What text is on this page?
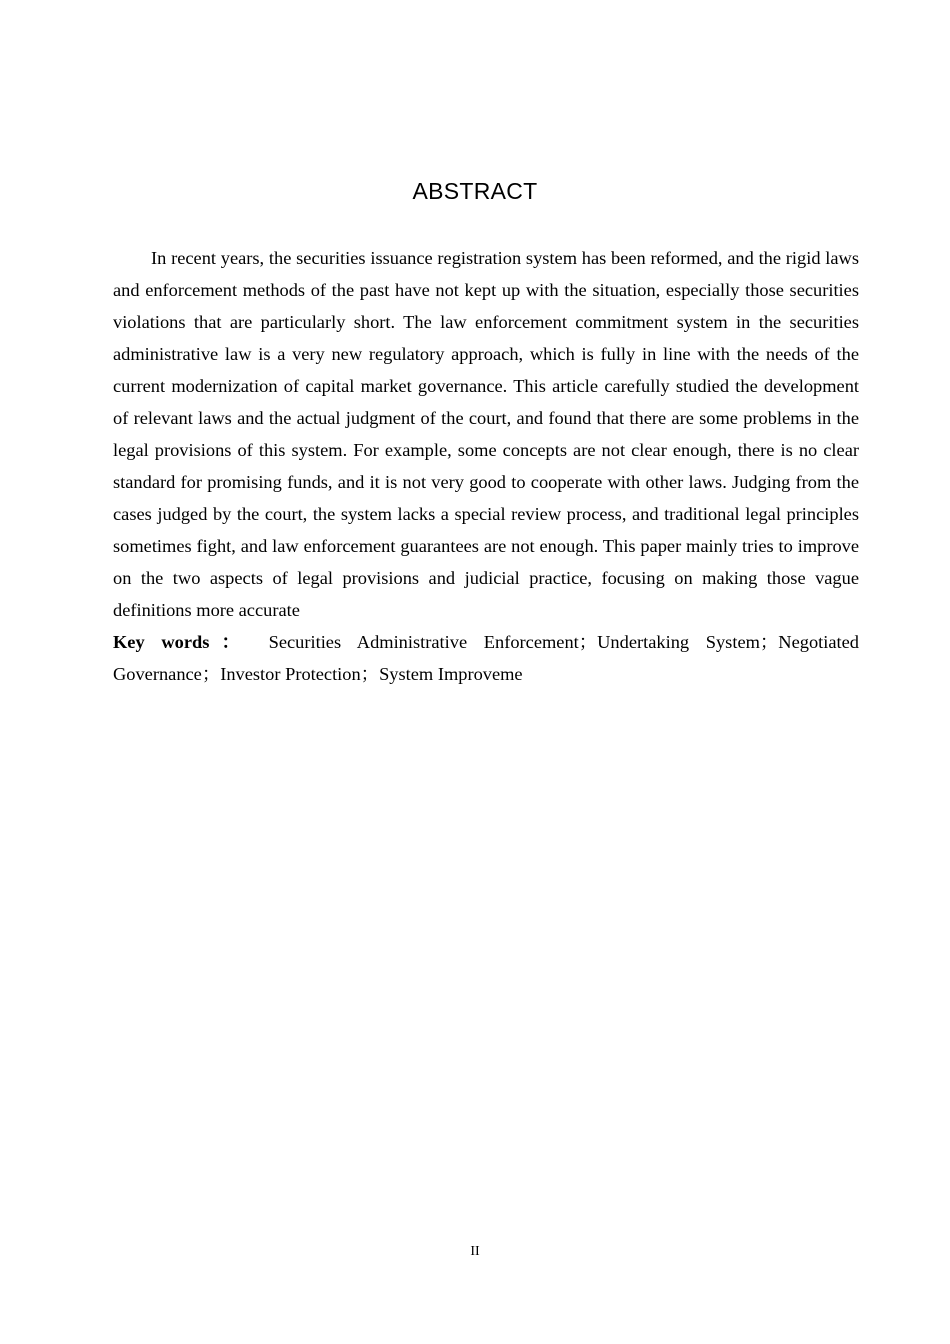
ABSTRACT

In recent years, the securities issuance registration system has been reformed, and the rigid laws and enforcement methods of the past have not kept up with the situation, especially those securities violations that are particularly short. The law enforcement commitment system in the securities administrative law is a very new regulatory approach, which is fully in line with the needs of the current modernization of capital market governance. This article carefully studied the development of relevant laws and the actual judgment of the court, and found that there are some problems in the legal provisions of this system. For example, some concepts are not clear enough, there is no clear standard for promising funds, and it is not very good to cooperate with other laws. Judging from the cases judged by the court, the system lacks a special review process, and traditional legal principles sometimes fight, and law enforcement guarantees are not enough. This paper mainly tries to improve on the two aspects of legal provisions and judicial practice, focusing on making those vague definitions more accurate

Key words： Securities Administrative Enforcement；Undertaking System；Negotiated Governance；Investor Protection；System Improveme

II
